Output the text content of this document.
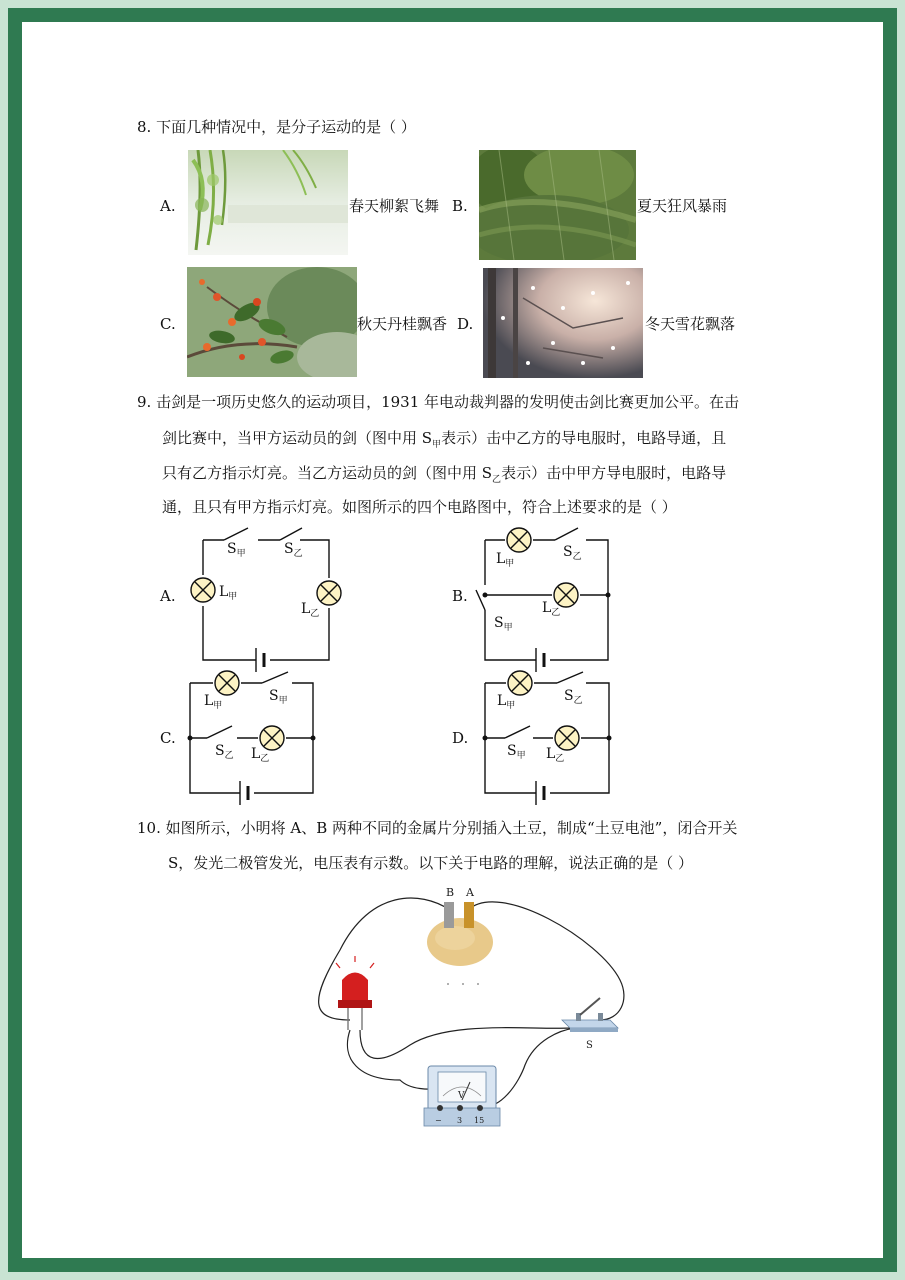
8. 下面几种情况中，是分子运动的是（ ）
A.	春天柳絮飞舞 B.	夏天狂风暴雨
C.	秋天丹桂飘香 D.	冬天雪花飘落
9. 击剑是一项历史悠久的运动项目，1931 年电动裁判器的发明使击剑比赛更加公平。在击
剑比赛中，当甲方运动员的剑（图中用 $S_甲$表示）击中乙方的导电服时，电路导通，且
只有乙方指示灯亮。当乙方运动员的剑（图中用 $S_乙$表示）击中甲方导电服时，电路导
通，且只有甲方指示灯亮。如图所示的四个电路图中，符合上述要求的是（ ）
$S_甲$	$S_乙$
$L_甲$
$L_乙$
$L_甲$
$S_乙$
$L_乙$
$S_甲$
$L_甲$
$S_甲$
$S_乙$ $L_乙$
$L_甲$
$S_乙$
$S_甲$ $L_乙$
A.	B.
C.	D.
10. 如图所示，小明将 A、B 两种不同的金属片分别插入土豆，制成“土豆电池”，闭合开关
S，发光二极管发光，电压表有示数。以下关于电路的理解，说法正确的是（ ）
B A
S
V
− 3 15
